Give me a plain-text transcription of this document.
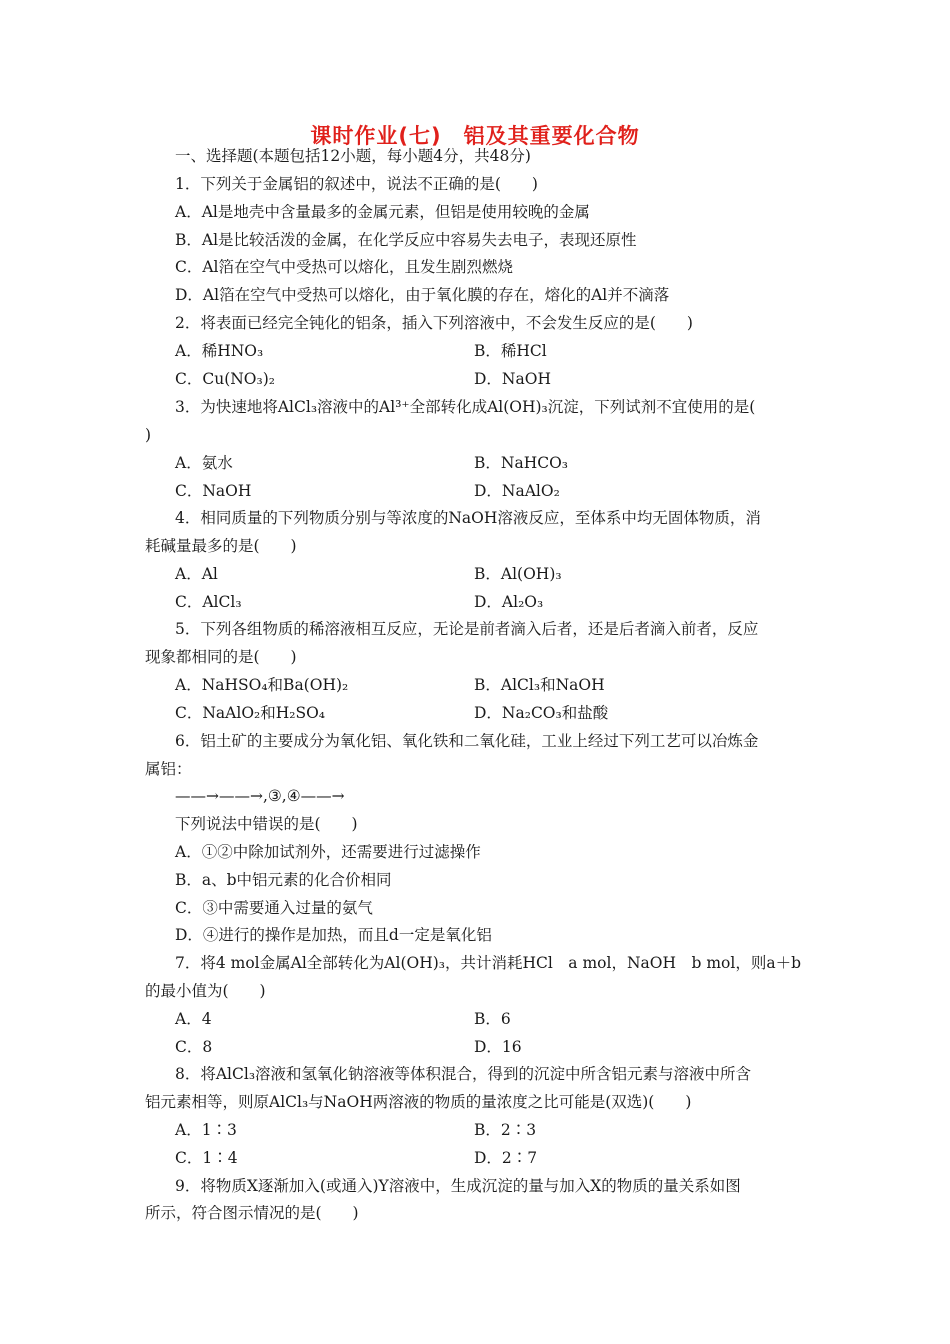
课时作业(七)　铝及其重要化合物
一、选择题(本题包括12小题，每小题4分，共48分)
1．下列关于金属铝的叙述中，说法不正确的是(　　)
A．Al是地壳中含量最多的金属元素，但铝是使用较晚的金属
B．Al是比较活泼的金属，在化学反应中容易失去电子，表现还原性
C．Al箔在空气中受热可以熔化，且发生剧烈燃烧
D．Al箔在空气中受热可以熔化，由于氧化膜的存在，熔化的Al并不滴落
2．将表面已经完全钝化的铝条，插入下列溶液中，不会发生反应的是(　　)
A．稀HNO₃	B．稀HCl
C．Cu(NO₃)₂	D．NaOH
3．为快速地将AlCl₃溶液中的Al³⁺全部转化成Al(OH)₃沉淀，下列试剂不宜使用的是(
)
A．氨水	B．NaHCO₃
C．NaOH	D．NaAlO₂
4．相同质量的下列物质分别与等浓度的NaOH溶液反应，至体系中均无固体物质，消
耗碱量最多的是(　　)
A．Al	B．Al(OH)₃
C．AlCl₃	D．Al₂O₃
5．下列各组物质的稀溶液相互反应，无论是前者滴入后者，还是后者滴入前者，反应
现象都相同的是(　　)
A．NaHSO₄和Ba(OH)₂	B．AlCl₃和NaOH
C．NaAlO₂和H₂SO₄	D．Na₂CO₃和盐酸
6．铝土矿的主要成分为氧化铝、氧化铁和二氧化硅，工业上经过下列工艺可以冶炼金
属铝：
——→——→,③,④——→
下列说法中错误的是(　　)
A．①②中除加试剂外，还需要进行过滤操作
B．a、b中铝元素的化合价相同
C．③中需要通入过量的氨气
D．④进行的操作是加热，而且d一定是氧化铝
7．将4 mol金属Al全部转化为Al(OH)₃，共计消耗HCl　a mol，NaOH　b mol，则a＋b
的最小值为(　　)
A．4	B．6
C．8	D．16
8．将AlCl₃溶液和氢氧化钠溶液等体积混合，得到的沉淀中所含铝元素与溶液中所含
铝元素相等，则原AlCl₃与NaOH两溶液的物质的量浓度之比可能是(双选)(　　)
A．1∶3	B．2∶3
C．1∶4	D．2∶7
9．将物质X逐渐加入(或通入)Y溶液中，生成沉淀的量与加入X的物质的量关系如图
所示，符合图示情况的是(　　)
